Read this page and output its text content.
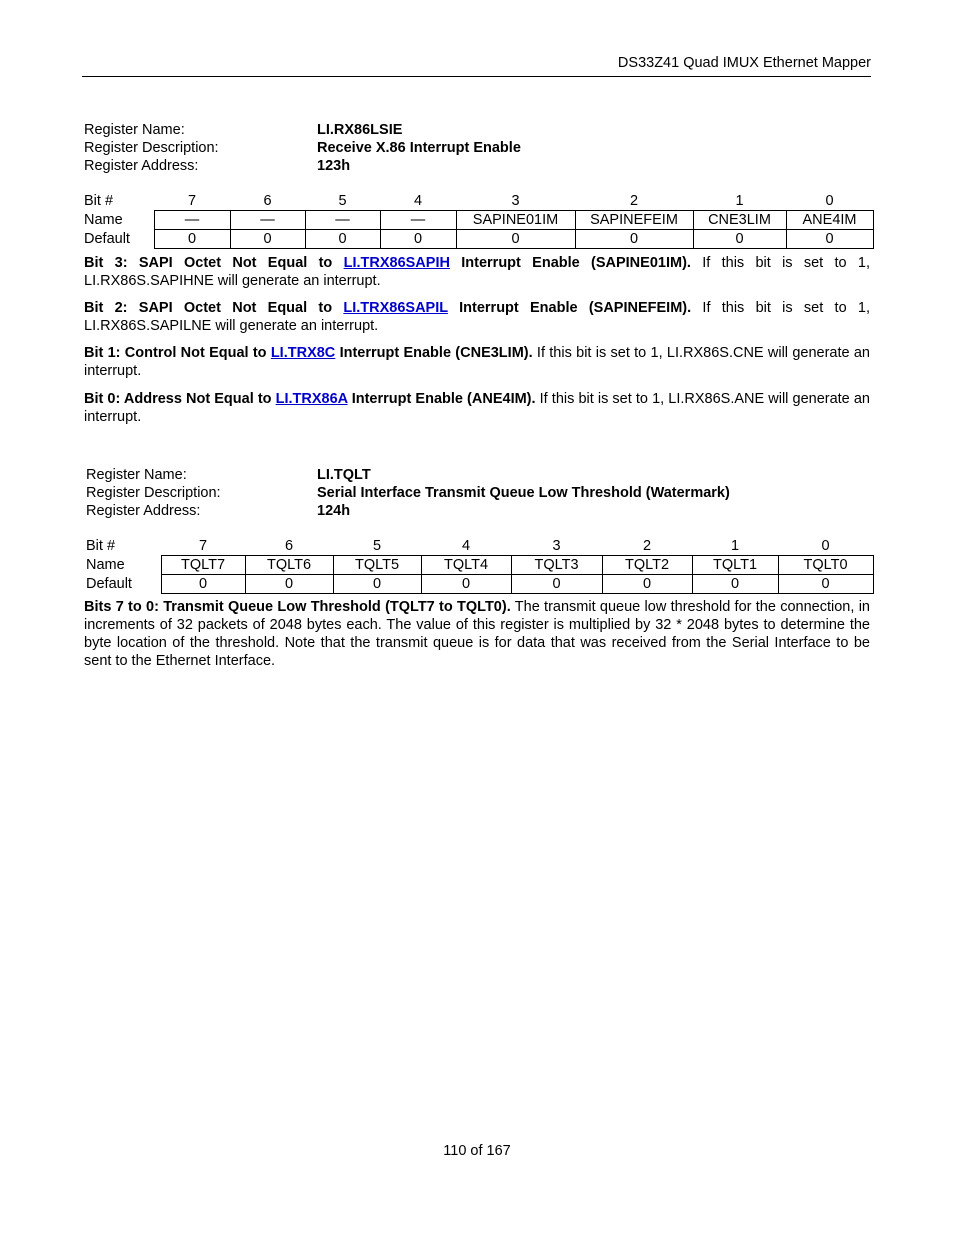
DS33Z41 Quad IMUX Ethernet Mapper
Register Name:	LI.RX86LSIE
Register Description:	Receive X.86 Interrupt Enable
Register Address:	123h
Bit #	7	6	5	4	3	2	1	0
Name	—	—	—	—	SAPINE01IM	SAPINEFEIM	CNE3LIM	ANE4IM
Default	0	0	0	0	0	0	0	0
Bit 3: SAPI Octet Not Equal to LI.TRX86SAPIH Interrupt Enable (SAPINE01IM). If this bit is set to 1, LI.RX86S.SAPIHNE will generate an interrupt.
Bit 2: SAPI Octet Not Equal to LI.TRX86SAPIL Interrupt Enable (SAPINEFEIM). If this bit is set to 1, LI.RX86S.SAPILNE will generate an interrupt.
Bit 1: Control Not Equal to LI.TRX8C Interrupt Enable (CNE3LIM). If this bit is set to 1, LI.RX86S.CNE will generate an interrupt.
Bit 0: Address Not Equal to LI.TRX86A Interrupt Enable (ANE4IM). If this bit is set to 1, LI.RX86S.ANE will generate an interrupt.
Register Name:	LI.TQLT
Register Description:	Serial Interface Transmit Queue Low Threshold (Watermark)
Register Address:	124h
Bit #	7	6	5	4	3	2	1	0
Name	TQLT7	TQLT6	TQLT5	TQLT4	TQLT3	TQLT2	TQLT1	TQLT0
Default	0	0	0	0	0	0	0	0
Bits 7 to 0: Transmit Queue Low Threshold (TQLT7 to TQLT0). The transmit queue low threshold for the connection, in increments of 32 packets of 2048 bytes each. The value of this register is multiplied by 32 * 2048 bytes to determine the byte location of the threshold. Note that the transmit queue is for data that was received from the Serial Interface to be sent to the Ethernet Interface.
110 of 167
